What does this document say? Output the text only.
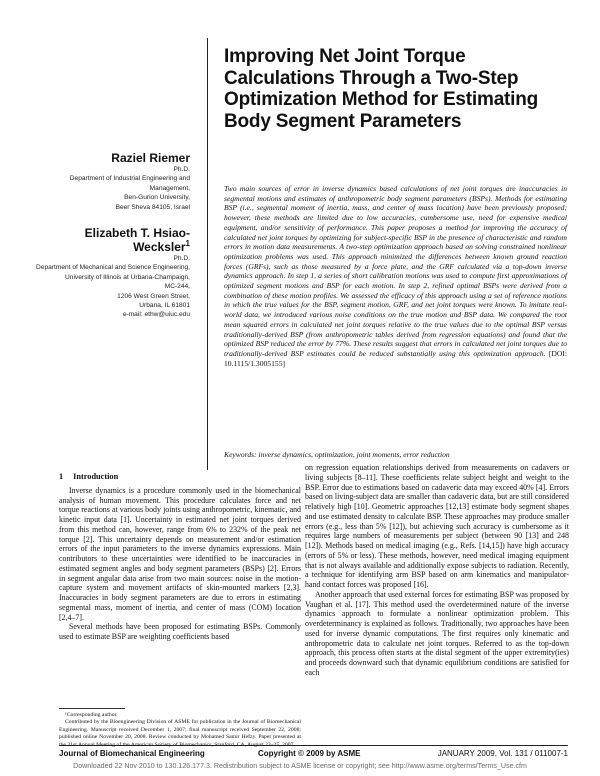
Improving Net Joint Torque Calculations Through a Two-Step Optimization Method for Estimating Body Segment Parameters
Raziel Riemer
Ph.D.
Department of Industrial Engineering and Management,
Ben-Gurion University,
Beer Sheva 84105, Israel
Elizabeth T. Hsiao-Wecksler$^1$
Ph.D.
Department of Mechanical and Science Engineering,
University of Illinois at Urbana-Champaign,
MC-244,
1206 West Green Street,
Urbana, IL 61801
e-mail: ethw@uiuc.edu
Two main sources of error in inverse dynamics based calculations of net joint torques are inaccuracies in segmental motions and estimates of anthropometric body segment parameters (BSPs). Methods for estimating BSP (i.e., segmental moment of inertia, mass, and center of mass location) have been previously proposed; however, these methods are limited due to low accuracies, cumbersome use, need for expensive medical equipment, and/or sensitivity of performance. This paper proposes a method for improving the accuracy of calculated net joint torques by optimizing for subject-specific BSP in the presence of characteristic and random errors in motion data measurements. A two-step optimization approach based on solving constrained nonlinear optimization problems was used. This approach minimized the differences between known ground reaction forces (GRFs), such as those measured by a force plate, and the GRF calculated via a top-down inverse dynamics approach. In step 1, a series of short calibration motions was used to compute first approximations of optimized segment motions and BSP for each motion. In step 2, refined optimal BSPs were derived from a combination of these motion profiles. We assessed the efficacy of this approach using a set of reference motions in which the true values for the BSP, segment motion, GRF, and net joint torques were known. To imitate real-world data, we introduced various noise conditions on the true motion and BSP data. We compared the root mean squared errors in calculated net joint torques relative to the true values due to the optimal BSP versus traditionally-derived BSP (from anthropometric tables derived from regression equations) and found that the optimized BSP reduced the error by 77%. These results suggest that errors in calculated net joint torques due to traditionally-derived BSP estimates could be reduced substantially using this optimization approach. [DOI: 10.1115/1.3005155]
Keywords: inverse dynamics, optimization, joint moments, error reduction
1 Introduction

Inverse dynamics is a procedure commonly used in the biomechanical analysis of human movement. This procedure calculates force and net torque reactions at various body joints using anthropometric, kinematic, and kinetic input data [1]. Uncertainty in estimated net joint torques derived from this method can, however, range from 6% to 232% of the peak net torque [2]. This uncertainty depends on measurement and/or estimation errors of the input parameters to the inverse dynamics expressions. Main contributors to these uncertainties were identified to be inaccuracies in estimated segment angles and body segment parameters (BSPs) [2]. Errors in segment angular data arise from two main sources: noise in the motion-capture system and movement artifacts of skin-mounted markers [2,3]. Inaccuracies in body segment parameters are due to errors in estimating segmental mass, moment of inertia, and center of mass (COM) location [2,4–7].

Several methods have been proposed for estimating BSPs. Commonly used to estimate BSP are weighting coefficients based

on regression equation relationships derived from measurements on cadavers or living subjects [8–11]. These coefficients relate subject height and weight to the BSP. Error due to estimations based on cadaveric data may exceed 40% [4]. Errors based on living-subject data are smaller than cadaveric data, but are still considered relatively high [10]. Geometric approaches [12,13] estimate body segment shapes and use estimated density to calculate BSP. These approaches may produce smaller errors (e.g., less than 5% [12]), but achieving such accuracy is cumbersome as it requires large numbers of measurements per subject (between 90 [13] and 248 [12]). Methods based on medical imaging (e.g., Refs. [14,15]) have high accuracy (errors of 5% or less). These methods, however, need medical imaging equipment that is not always available and additionally expose subjects to radiation. Recently, a technique for identifying arm BSP based on arm kinematics and manipulator-hand contact forces was proposed [16].

Another approach that used external forces for estimating BSP was proposed by Vaughan et al. [17]. This method used the overdetermined nature of the inverse dynamics approach to formulate a nonlinear optimization problem. This overdeterminancy is explained as follows. Traditionally, two approaches have been used for inverse dynamic computations. The first requires only kinematic and anthropometric data to calculate net joint torques. Referred to as the top-down approach, this process often starts at the distal segment of the upper extremity(ies) and proceeds downward such that dynamic equilibrium conditions are satisfied for each

¹Corresponding author.

Contributed by the Bioengineering Division of ASME for publication in the Journal of Biomechanical Engineering. Manuscript received December 1, 2007; final manuscript received September 22, 2008; published online November 20, 2008. Review conducted by Mohamed Samir Hefzy. Paper presented at

Journal of Biomechanical Engineering	Copyright © 2009 by ASME	JANUARY 2009, Vol. 131 / 011007-1
Downloaded 22 Nov 2010 to 130.126.177.3. Redistribution subject to ASME license or copyright; see http://www.asme.org/terms/Terms_Use.cfm
